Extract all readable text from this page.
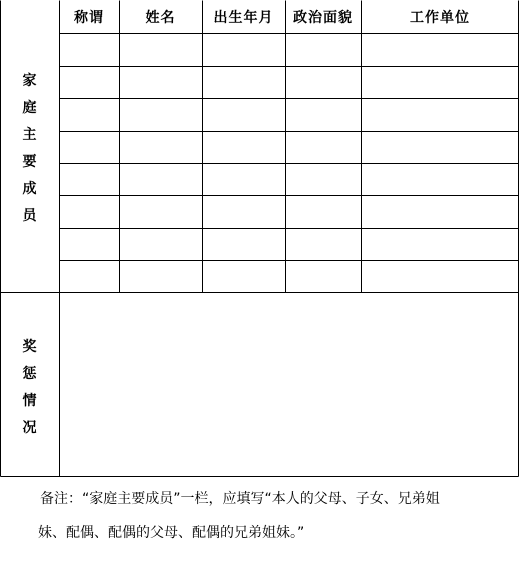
称谓	姓名	出生年月	政治面貌	工作单位
家
庭
主
要
成
员
奖
惩
情
况

备注：“家庭主要成员”一栏，应填写“本人的父母、子女、兄弟姐

妹、配偶、配偶的父母、配偶的兄弟姐妹。”
